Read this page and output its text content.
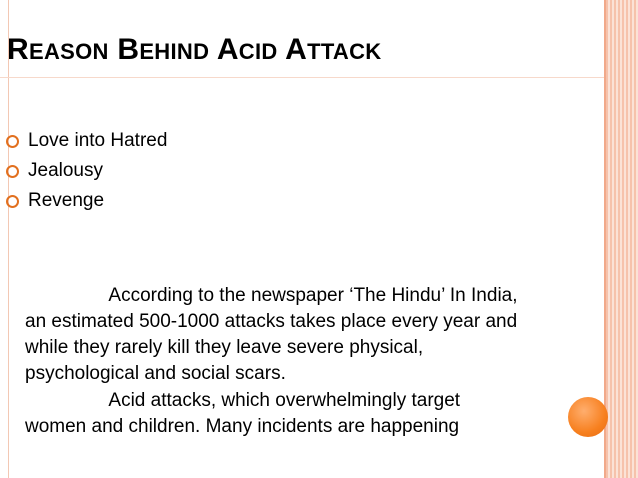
REASON BEHIND ACID ATTACK
Love into Hatred
Jealousy
Revenge
According to the newspaper ‘The Hindu’ In India,
an estimated 500-1000 attacks takes place every year and
while they rarely kill they leave severe physical,
psychological and social scars.
Acid attacks, which overwhelmingly target
women and children. Many incidents are happening
